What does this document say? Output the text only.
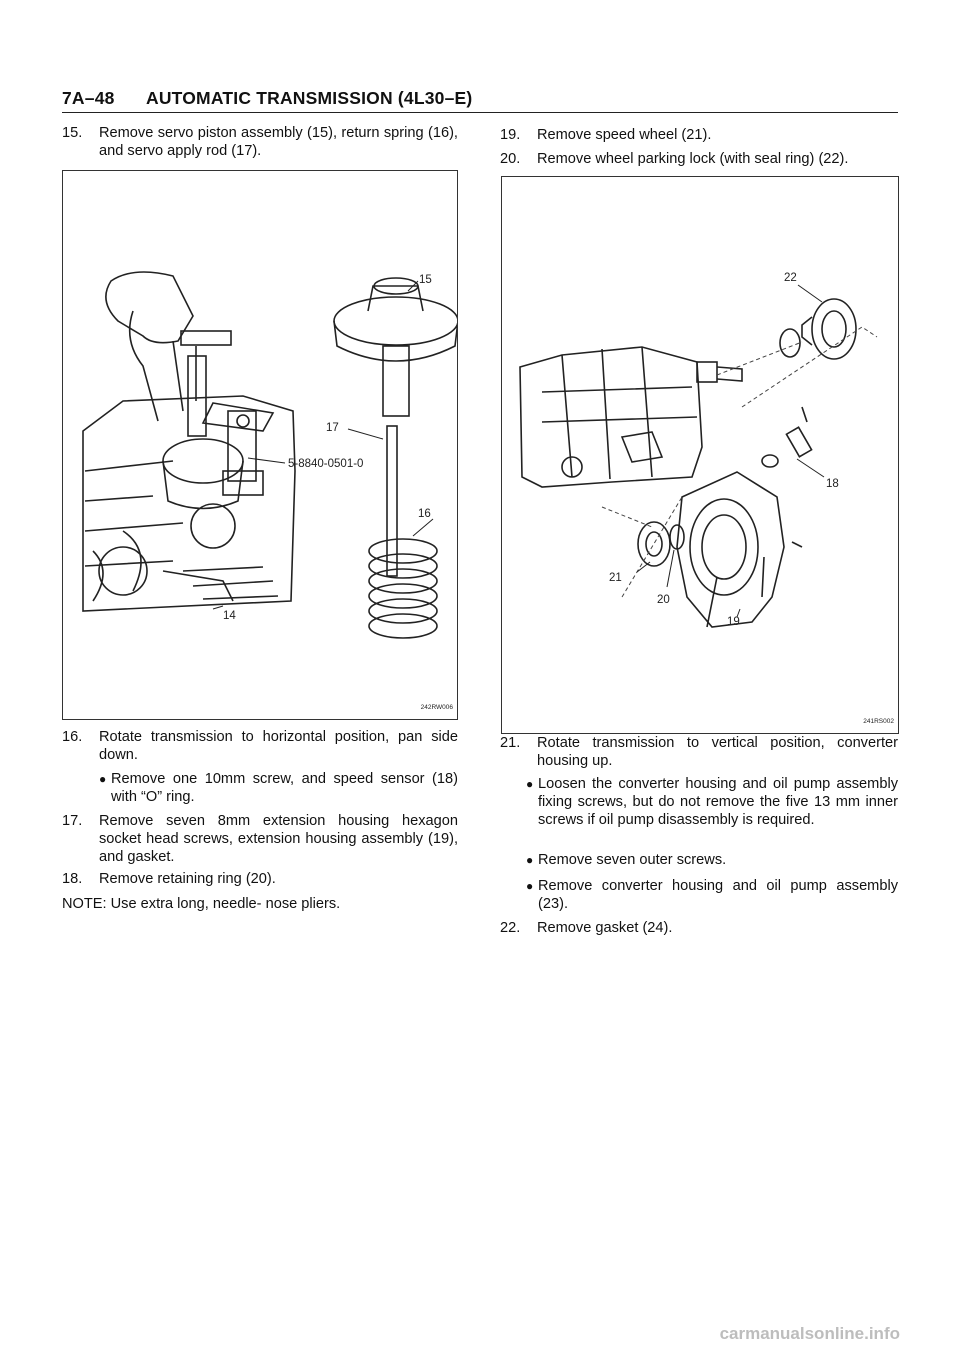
7A–48 AUTOMATIC TRANSMISSION (4L30–E)
15.	Remove servo piston assembly (15), return spring (16), and servo apply rod (17).
15
17
5-8840-0501-0
16
14
242RW006
16.	Rotate transmission to horizontal position, pan side down.
● Remove one 10mm screw, and speed sensor (18) with “O” ring.
17.	Remove seven 8mm extension housing hexagon socket head screws, extension housing assembly (19), and gasket.
18.	Remove retaining ring (20).
NOTE: Use extra long, needle- nose pliers.
19.	Remove speed wheel (21).
20.	Remove wheel parking lock (with seal ring) (22).
22
18
21
20
19
241RS002
21.	Rotate transmission to vertical position, converter housing up.
● Loosen the converter housing and oil pump assembly fixing screws, but do not remove the five 13 mm inner screws if oil pump disassembly is required.
● Remove seven outer screws.
● Remove converter housing and oil pump assembly (23).
22.	Remove gasket (24).
carmanualsonline.info
